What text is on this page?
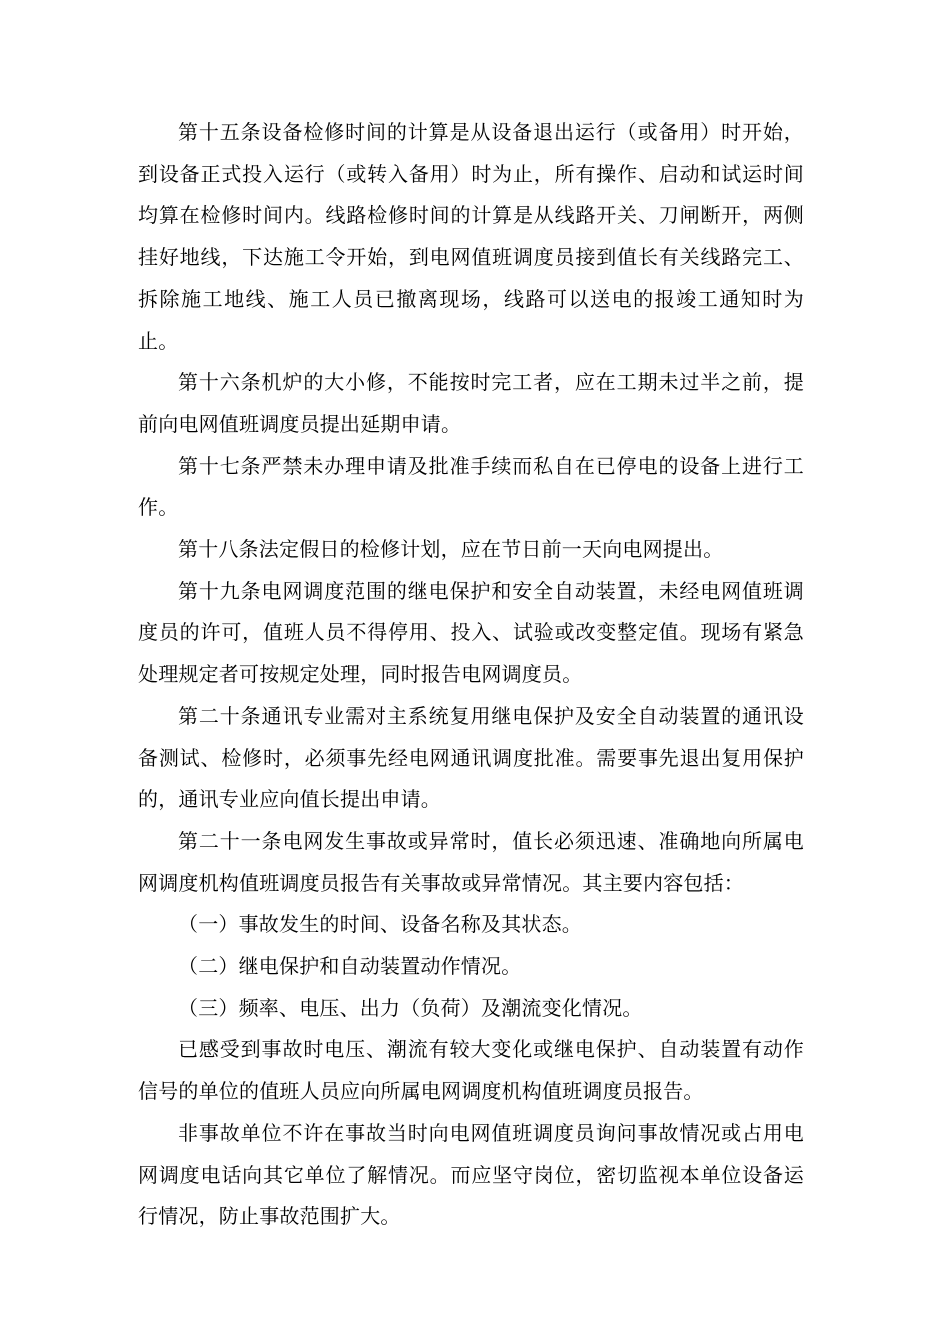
第十五条设备检修时间的计算是从设备退出运行（或备用）时开始，到设备正式投入运行（或转入备用）时为止，所有操作、启动和试运时间均算在检修时间内。线路检修时间的计算是从线路开关、刀闸断开，两侧挂好地线，下达施工令开始，到电网值班调度员接到值长有关线路完工、拆除施工地线、施工人员已撤离现场，线路可以送电的报竣工通知时为止。

第十六条机炉的大小修，不能按时完工者，应在工期未过半之前，提前向电网值班调度员提出延期申请。

第十七条严禁未办理申请及批准手续而私自在已停电的设备上进行工作。

第十八条法定假日的检修计划，应在节日前一天向电网提出。

第十九条电网调度范围的继电保护和安全自动装置，未经电网值班调度员的许可，值班人员不得停用、投入、试验或改变整定值。现场有紧急处理规定者可按规定处理，同时报告电网调度员。

第二十条通讯专业需对主系统复用继电保护及安全自动装置的通讯设备测试、检修时，必须事先经电网通讯调度批准。需要事先退出复用保护的，通讯专业应向值长提出申请。

第二十一条电网发生事故或异常时，值长必须迅速、准确地向所属电网调度机构值班调度员报告有关事故或异常情况。其主要内容包括：

（一）事故发生的时间、设备名称及其状态。

（二）继电保护和自动装置动作情况。

（三）频率、电压、出力（负荷）及潮流变化情况。

已感受到事故时电压、潮流有较大变化或继电保护、自动装置有动作信号的单位的值班人员应向所属电网调度机构值班调度员报告。

非事故单位不许在事故当时向电网值班调度员询问事故情况或占用电网调度电话向其它单位了解情况。而应坚守岗位，密切监视本单位设备运行情况，防止事故范围扩大。
